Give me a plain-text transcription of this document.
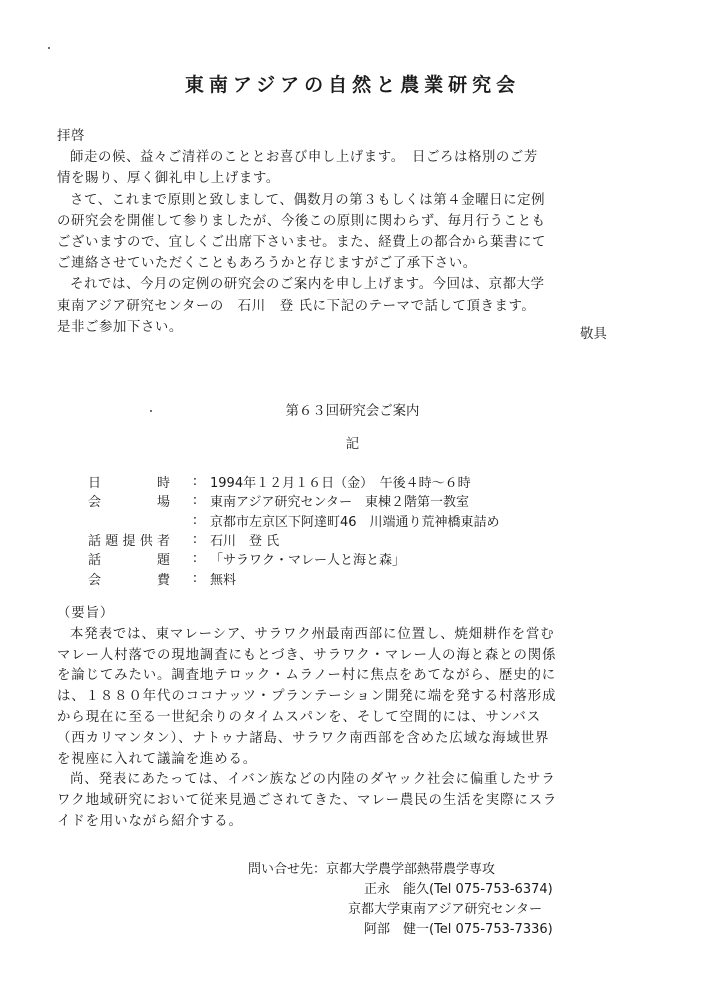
東南アジアの自然と農業研究会

拝啓

師走の候、益々ご清祥のこととお喜び申し上げます。　日ごろは格別のご芳

情を賜り、厚く御礼申し上げます。

さて、これまで原則と致しまして、偶数月の第３もしくは第４金曜日に定例

の研究会を開催して参りましたが、今後この原則に関わらず、毎月行うことも

ございますので、宜しくご出席下さいませ。また、経費上の都合から葉書にて

ご連絡させていただくこともあろうかと存じますがご了承下さい。

それでは、今月の定例の研究会のご案内を申し上げます。今回は、京都大学

東南アジア研究センターの　石川　登 氏に下記のテーマで話して頂きます。

是非ご参加下さい。	敬具
第６３回研究会ご案内
記
日　時	:	1994年１２月１６日（金）　午後４時〜６時
会　場	:	東南アジア研究センター　東棟２階第一教室
	:	京都市左京区下阿達町46　川端通り荒神橋東詰め
話題提供者	:	石川　登 氏
話　題	:	「サラワク・マレー人と海と森」
会　費	:	無料

（要旨）

本発表では、東マレーシア、サラワク州最南西部に位置し、焼畑耕作を営む

マレー人村落での現地調査にもとづき、サラワク・マレー人の海と森との関係

を論じてみたい。調査地テロック・ムラノー村に焦点をあてながら、歴史的に

は、１８８０年代のココナッツ・プランテーション開発に端を発する村落形成

から現在に至る一世紀余りのタイムスパンを、そして空間的には、サンバス

（西カリマンタン）、ナトゥナ諸島、サラワク南西部を含めた広域な海域世界

を視座に入れて議論を進める。

尚、発表にあたっては、イバン族などの内陸のダヤック社会に偏重したサラ

ワク地域研究において従来見過ごされてきた、マレー農民の生活を実際にスラ

イドを用いながら紹介する。

問い合せ先：京都大学農学部熱帯農学専攻
正永　能久(Tel 075-753-6374)
京都大学東南アジア研究センター
阿部　健一(Tel 075-753-7336)
